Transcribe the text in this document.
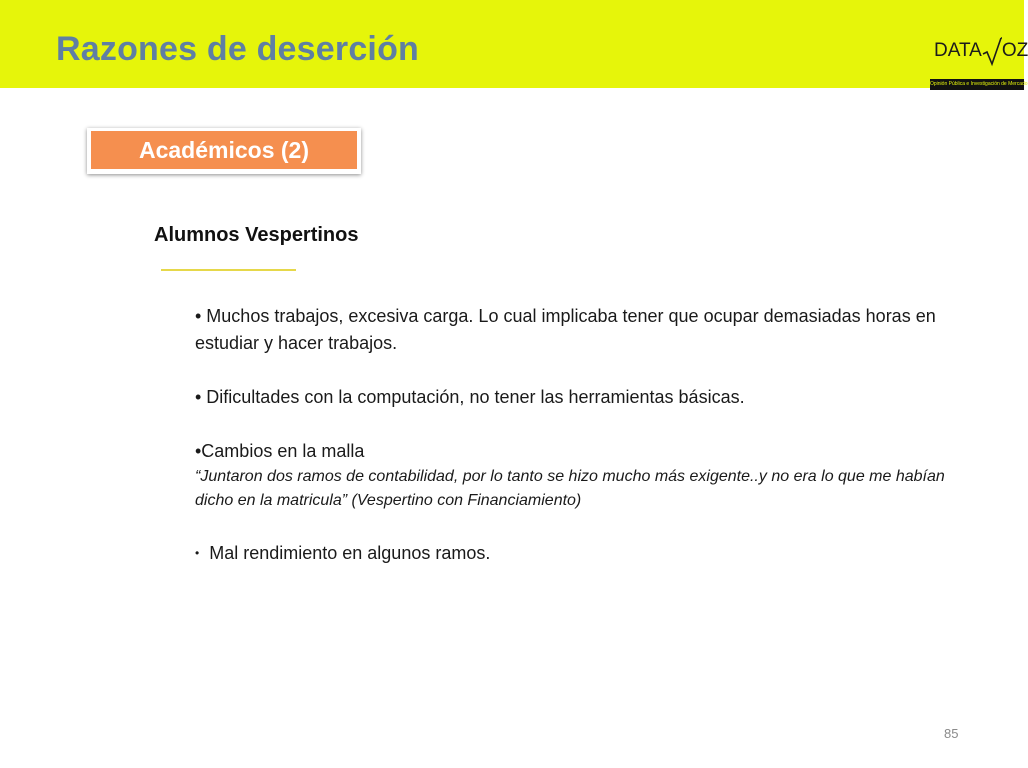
Razones de deserción	DATA OZ
Opinión Pública e Investigación de Mercado
Académicos (2)
Alumnos Vespertinos

• Muchos trabajos, excesiva carga. Lo cual implicaba tener que ocupar demasiadas horas en estudiar y hacer trabajos.

• Dificultades con la computación, no tener las herramientas básicas.

•Cambios en la malla

“Juntaron dos ramos de contabilidad, por lo tanto se hizo mucho más exigente..y no era lo que me habían dicho en la matricula” (Vespertino con Financiamiento)

• Mal rendimiento en algunos ramos.

85
